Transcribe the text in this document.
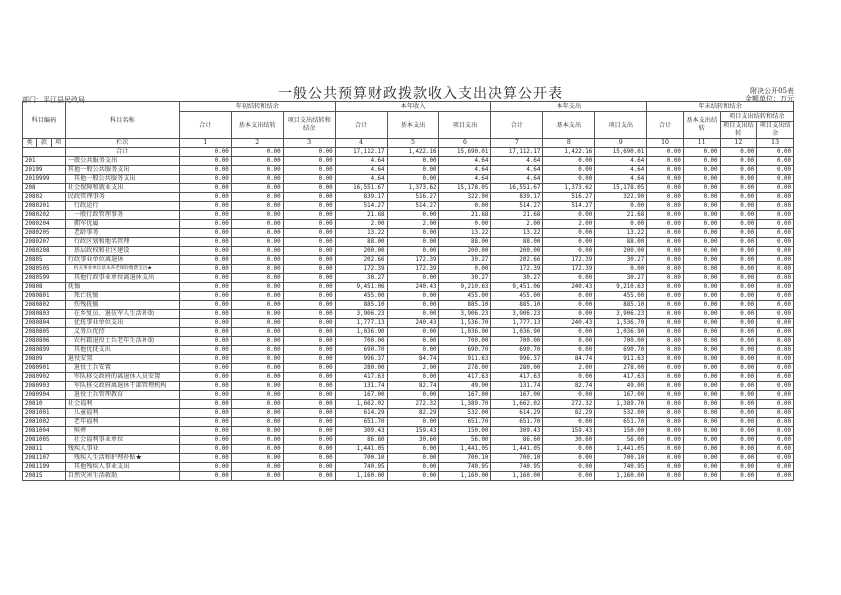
一般公共预算财政拨款收入支出决算公开表	附决公开05表
金额单位：万元
部门：平江县民政局
科目编码			科目名称	年初结转和结余			本年收入			本年支出			年末结转和结余			
				合计	基本支出结转	项目支出结转和结余	合计	基本支出	项目支出	合计	基本支出	项目支出	合计	基本支出结转	项目支出结转和结余	
															项目支出结转	项目支出结余
类	款	项	栏次	1	2	3	4	5	6	7	8	9	10	11	12	13
			合计	0.00	0.00	0.00	17,112.17	1,422.16	15,690.01	17,112.17	1,422.16	15,690.01	0.00	0.00	0.00	0.00
201			一般公共服务支出	0.00	0.00	0.00	4.64	0.00	4.64	4.64	0.00	4.64	0.00	0.00	0.00	0.00
20199			其他一般公共服务支出	0.00	0.00	0.00	4.64	0.00	4.64	4.64	0.00	4.64	0.00	0.00	0.00	0.00
2019999			其他一般公共服务支出	0.00	0.00	0.00	4.64	0.00	4.64	4.64	0.00	4.64	0.00	0.00	0.00	0.00
208			社会保障和就业支出	0.00	0.00	0.00	16,551.67	1,373.62	15,178.05	16,551.67	1,373.62	15,178.05	0.00	0.00	0.00	0.00
20802			民政管理事务	0.00	0.00	0.00	839.17	516.27	322.90	839.17	516.27	322.90	0.00	0.00	0.00	0.00
2080201			行政运行	0.00	0.00	0.00	514.27	514.27	0.00	514.27	514.27	0.00	0.00	0.00	0.00	0.00
2080202			一般行政管理事务	0.00	0.00	0.00	21.68	0.00	21.68	21.68	0.00	21.68	0.00	0.00	0.00	0.00
2080204			拥军优属	0.00	0.00	0.00	2.00	2.00	0.00	2.00	2.00	0.00	0.00	0.00	0.00	0.00
2080205			老龄事务	0.00	0.00	0.00	13.22	0.00	13.22	13.22	0.00	13.22	0.00	0.00	0.00	0.00
2080207			行政区划和地名管理	0.00	0.00	0.00	88.00	0.00	88.00	88.00	0.00	88.00	0.00	0.00	0.00	0.00
2080208			基层政权和社区建设	0.00	0.00	0.00	200.00	0.00	200.00	200.00	0.00	200.00	0.00	0.00	0.00	0.00
20805			行政事业单位离退休	0.00	0.00	0.00	202.66	172.39	30.27	202.66	172.39	30.27	0.00	0.00	0.00	0.00
2080505			机关事业单位基本养老保险缴费支出★	0.00	0.00	0.00	172.39	172.39	0.00	172.39	172.39	0.00	0.00	0.00	0.00	0.00
2080599			其他行政事业单位离退休支出	0.00	0.00	0.00	30.27	0.00	30.27	30.27	0.00	30.27	0.00	0.00	0.00	0.00
20808			抚恤	0.00	0.00	0.00	9,451.06	240.43	9,210.63	9,451.06	240.43	9,210.63	0.00	0.00	0.00	0.00
2080801			死亡抚恤	0.00	0.00	0.00	455.00	0.00	455.00	455.00	0.00	455.00	0.00	0.00	0.00	0.00
2080802			伤残抚恤	0.00	0.00	0.00	885.10	0.00	885.10	885.10	0.00	885.10	0.00	0.00	0.00	0.00
2080803			在乡复员、退伍军人生活补助	0.00	0.00	0.00	3,906.23	0.00	3,906.23	3,906.23	0.00	3,906.23	0.00	0.00	0.00	0.00
2080804			优抚事业单位支出	0.00	0.00	0.00	1,777.13	240.43	1,536.70	1,777.13	240.43	1,536.70	0.00	0.00	0.00	0.00
2080805			义务兵优待	0.00	0.00	0.00	1,036.90	0.00	1,036.90	1,036.90	0.00	1,036.90	0.00	0.00	0.00	0.00
2080806			农村籍退役士兵老年生活补助	0.00	0.00	0.00	700.00	0.00	700.00	700.00	0.00	700.00	0.00	0.00	0.00	0.00
2080899			其他优抚支出	0.00	0.00	0.00	690.70	0.00	690.70	690.70	0.00	690.70	0.00	0.00	0.00	0.00
20809			退役安置	0.00	0.00	0.00	996.37	84.74	911.63	996.37	84.74	911.63	0.00	0.00	0.00	0.00
2080901			退役士兵安置	0.00	0.00	0.00	280.00	2.00	278.00	280.00	2.00	278.00	0.00	0.00	0.00	0.00
2080902			军队移交政府的离退休人员安置	0.00	0.00	0.00	417.63	0.00	417.63	417.63	0.00	417.63	0.00	0.00	0.00	0.00
2080903			军队移交政府离退休干部管理机构	0.00	0.00	0.00	131.74	82.74	49.00	131.74	82.74	49.00	0.00	0.00	0.00	0.00
2080904			退役士兵管理教育	0.00	0.00	0.00	167.00	0.00	167.00	167.00	0.00	167.00	0.00	0.00	0.00	0.00
20810			社会福利	0.00	0.00	0.00	1,662.02	272.32	1,389.70	1,662.02	272.32	1,389.70	0.00	0.00	0.00	0.00
2081001			儿童福利	0.00	0.00	0.00	614.29	82.29	532.00	614.29	82.29	532.00	0.00	0.00	0.00	0.00
2081002			老年福利	0.00	0.00	0.00	651.70	0.00	651.70	651.70	0.00	651.70	0.00	0.00	0.00	0.00
2081004			殡葬	0.00	0.00	0.00	309.43	159.43	150.00	309.43	159.43	150.00	0.00	0.00	0.00	0.00
2081005			社会福利事业单位	0.00	0.00	0.00	86.60	30.60	56.00	86.60	30.60	56.00	0.00	0.00	0.00	0.00
20811			残疾人事业	0.00	0.00	0.00	1,441.05	0.00	1,441.05	1,441.05	0.00	1,441.05	0.00	0.00	0.00	0.00
2081107			残疾人生活和护理补贴★	0.00	0.00	0.00	700.10	0.00	700.10	700.10	0.00	700.10	0.00	0.00	0.00	0.00
2081199			其他残疾人事业支出	0.00	0.00	0.00	740.95	0.00	740.95	740.95	0.00	740.95	0.00	0.00	0.00	0.00
20815			自然灾害生活救助	0.00	0.00	0.00	1,160.00	0.00	1,160.00	1,160.00	0.00	1,160.00	0.00	0.00	0.00	0.00
